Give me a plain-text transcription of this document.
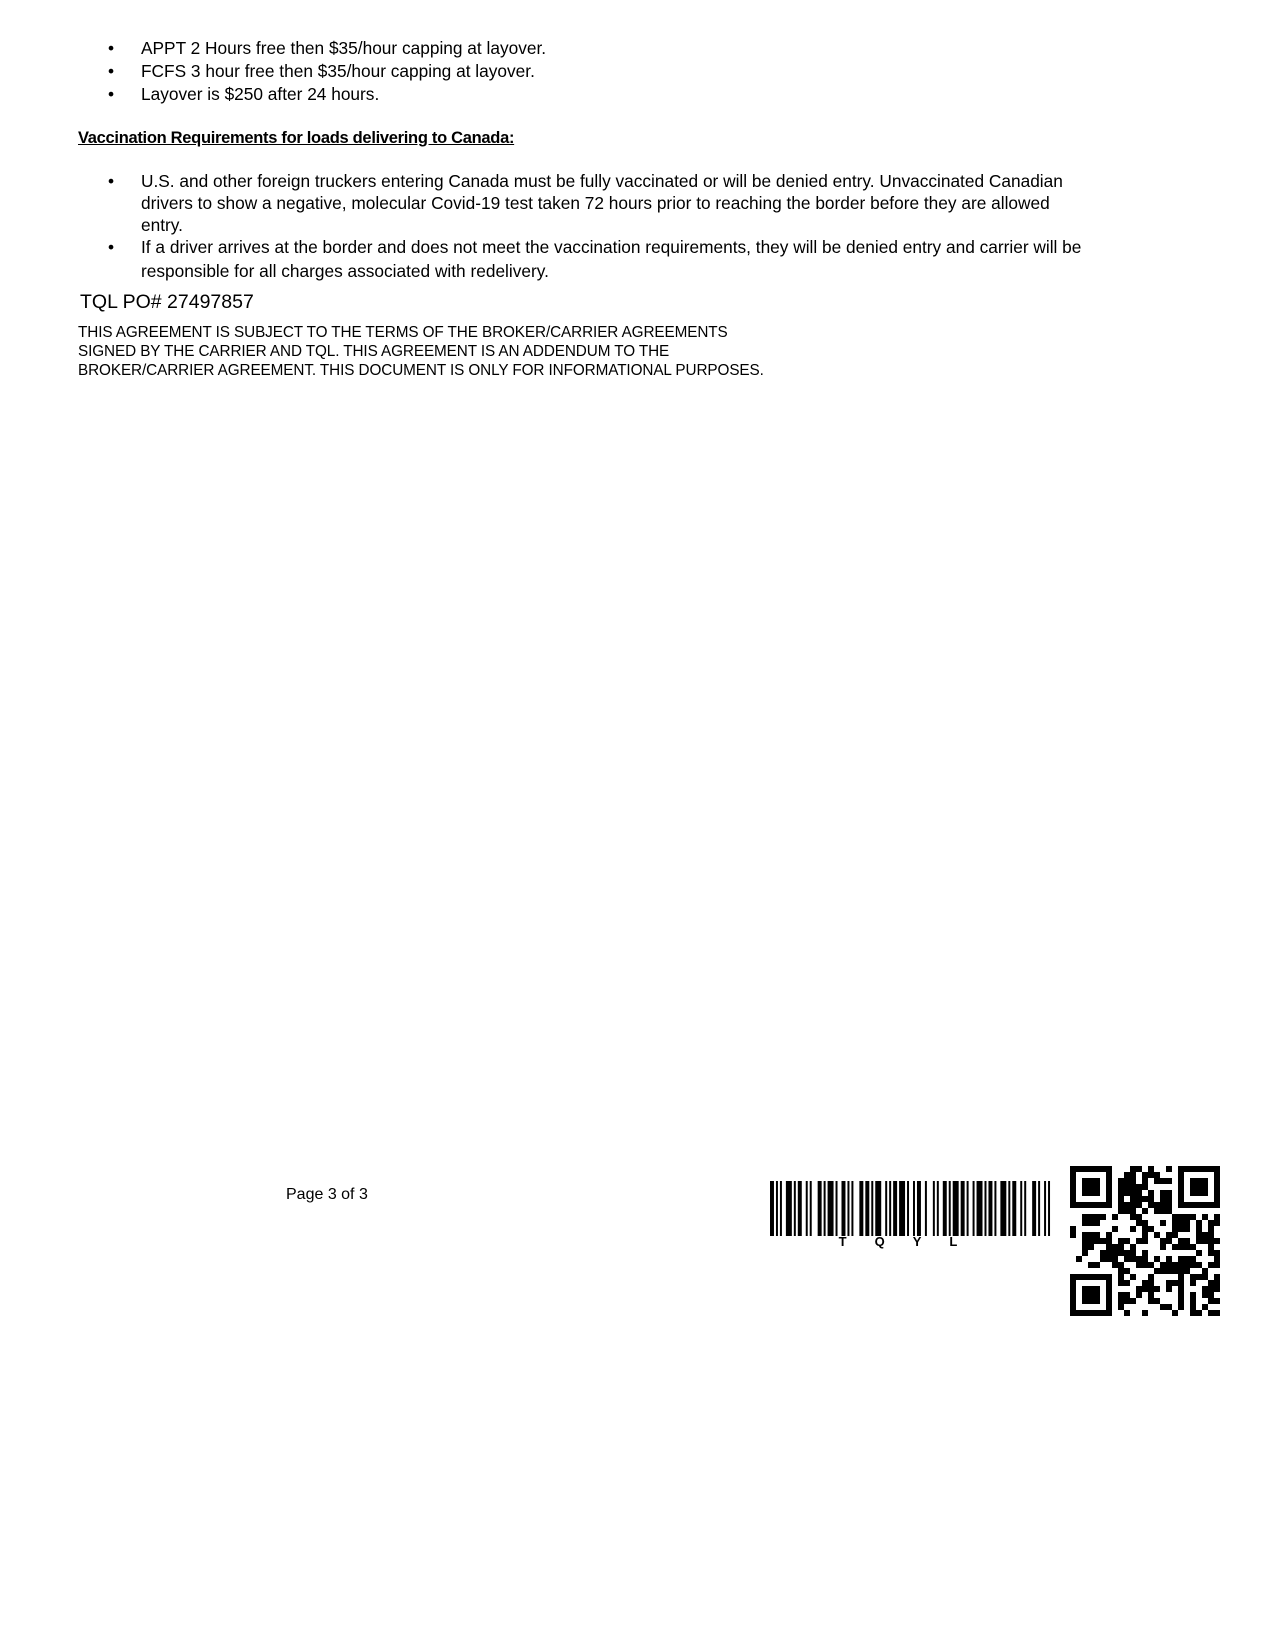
• APPT 2 Hours free then $35/hour capping at layover.
• FCFS 3 hour free then $35/hour capping at layover.
• Layover is $250 after 24 hours.
Vaccination Requirements for loads delivering to Canada:
• U.S. and other foreign truckers entering Canada must be fully vaccinated or will be denied entry. Unvaccinated Canadian drivers to show a negative, molecular Covid-19 test taken 72 hours prior to reaching the border before they are allowed entry.
• If a driver arrives at the border and does not meet the vaccination requirements, they will be denied entry and carrier will be responsible for all charges associated with redelivery.
TQL PO# 27497857
THIS AGREEMENT IS SUBJECT TO THE TERMS OF THE BROKER/CARRIER AGREEMENTS SIGNED BY THE CARRIER AND TQL. THIS AGREEMENT IS AN ADDENDUM TO THE BROKER/CARRIER AGREEMENT. THIS DOCUMENT IS ONLY FOR INFORMATIONAL PURPOSES.
Page 3 of 3
TQYL
